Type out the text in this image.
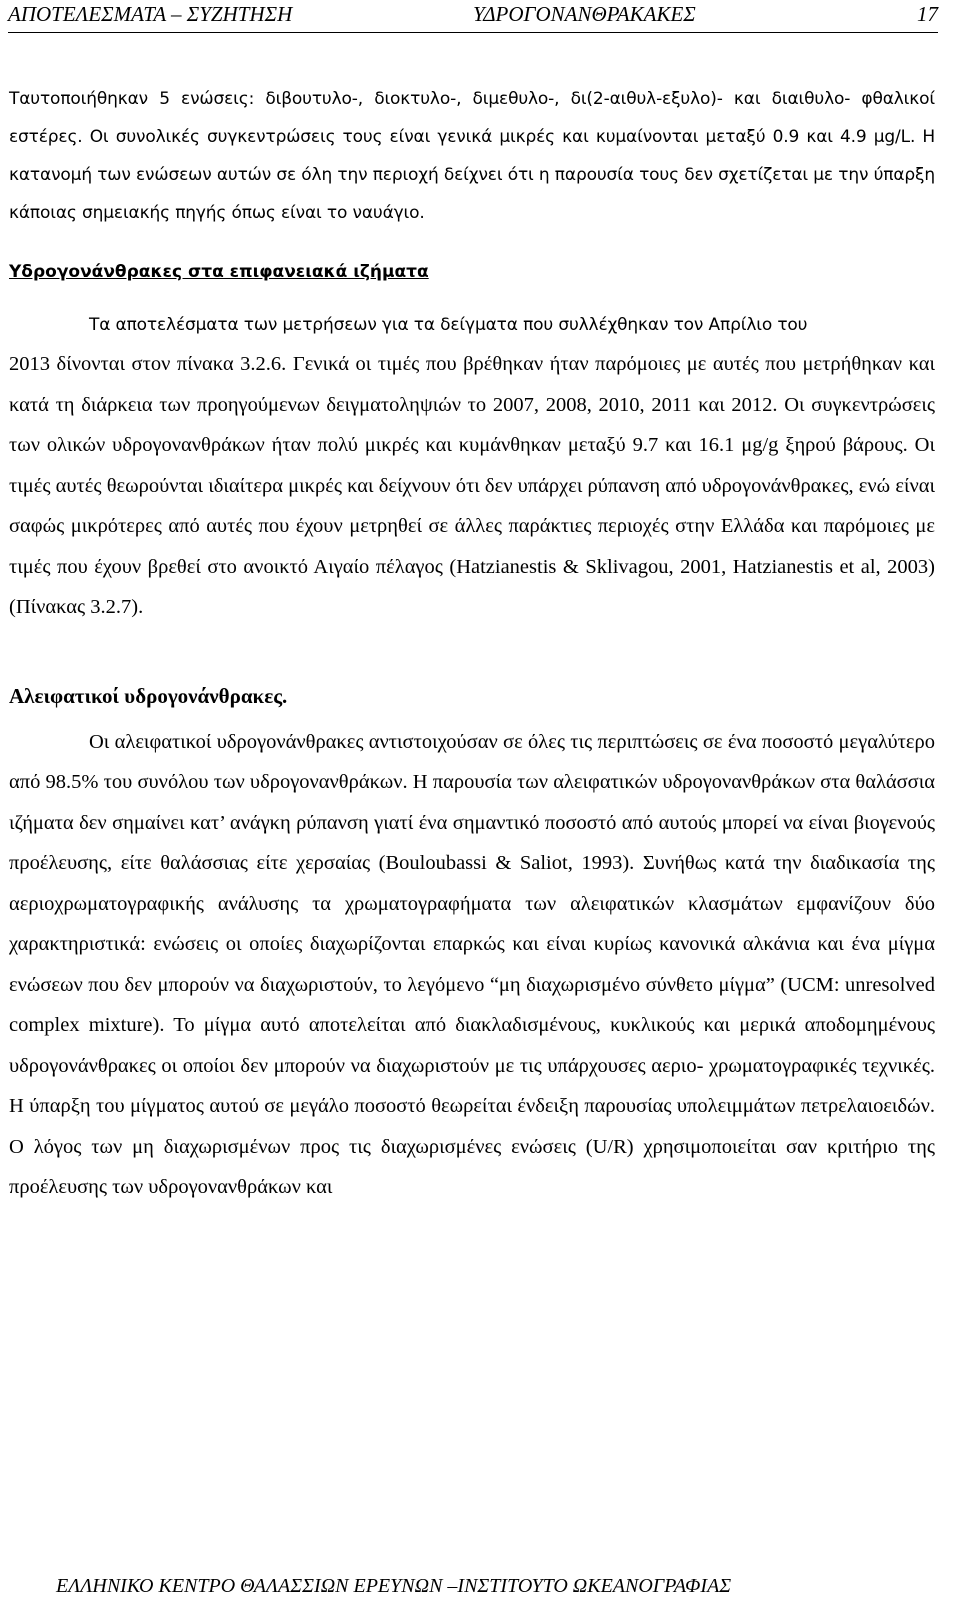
ΑΠΟΤΕΛΕΣΜΑΤΑ – ΣΥΖΗΤΗΣΗ	ΥΔΡΟΓΟΝΑΝΘΡΑΚΑΚΕΣ	17

Ταυτοποιήθηκαν 5 ενώσεις: διβουτυλο-, διοκτυλο-, διμεθυλο-, δι(2-αιθυλ-εξυλο)- και διαιθυλο- φθαλικοί εστέρες. Οι συνολικές συγκεντρώσεις τους είναι γενικά μικρές και κυμαίνονται μεταξύ 0.9 και 4.9 μg/L. Η κατανομή των ενώσεων αυτών σε όλη την περιοχή δείχνει ότι η παρουσία τους δεν σχετίζεται με την ύπαρξη κάποιας σημειακής πηγής όπως είναι το ναυάγιο.

Υδρογονάνθρακες στα επιφανειακά ιζήματα

Τα αποτελέσματα των μετρήσεων για τα δείγματα που συλλέχθηκαν τον Απρίλιο του

2013 δίνονται στον πίνακα 3.2.6. Γενικά οι τιμές που βρέθηκαν ήταν παρόμοιες με αυτές που μετρήθηκαν και κατά τη διάρκεια των προηγούμενων δειγματοληψιών το 2007, 2008, 2010, 2011 και 2012. Οι συγκεντρώσεις των ολικών υδρογονανθράκων ήταν πολύ μικρές και κυμάνθηκαν μεταξύ 9.7 και 16.1 μg/g ξηρού βάρους. Οι τιμές αυτές θεωρούνται ιδιαίτερα μικρές και δείχνουν ότι δεν υπάρχει ρύπανση από υδρογονάνθρακες, ενώ είναι σαφώς μικρότερες από αυτές που έχουν μετρηθεί σε άλλες παράκτιες περιοχές στην Ελλάδα και παρόμοιες με τιμές που έχουν βρεθεί στο ανοικτό Αιγαίο πέλαγος (Hatzianestis & Sklivagou, 2001, Hatzianestis et al, 2003) (Πίνακας 3.2.7).

Αλειφατικοί υδρογονάνθρακες.

Οι αλειφατικοί υδρογονάνθρακες αντιστοιχούσαν σε όλες τις περιπτώσεις σε ένα ποσοστό μεγαλύτερο από 98.5% του συνόλου των υδρογονανθράκων. Η παρουσία των αλειφατικών υδρογονανθράκων στα θαλάσσια ιζήματα δεν σημαίνει κατ’ ανάγκη ρύπανση γιατί ένα σημαντικό ποσοστό από αυτούς μπορεί να είναι βιογενούς προέλευσης, είτε θαλάσσιας είτε χερσαίας (Bouloubassi & Saliot, 1993). Συνήθως κατά την διαδικασία της αεριοχρωματογραφικής ανάλυσης τα χρωματογραφήματα των αλειφατικών κλασμάτων εμφανίζουν δύο χαρακτηριστικά: ενώσεις οι οποίες διαχωρίζονται επαρκώς και είναι κυρίως κανονικά αλκάνια και ένα μίγμα ενώσεων που δεν μπορούν να διαχωριστούν, το λεγόμενο “μη διαχωρισμένο σύνθετο μίγμα” (UCM: unresolved complex mixture). Το μίγμα αυτό αποτελείται από διακλαδισμένους, κυκλικούς και μερικά αποδομημένους υδρογονάνθρακες οι οποίοι δεν μπορούν να διαχωριστούν με τις υπάρχουσες αεριο- χρωματογραφικές τεχνικές. Η ύπαρξη του μίγματος αυτού σε μεγάλο ποσοστό θεωρείται ένδειξη παρουσίας υπολειμμάτων πετρελαιοειδών. Ο λόγος των μη διαχωρισμένων προς τις διαχωρισμένες ενώσεις (U/R) χρησιμοποιείται σαν κριτήριο της προέλευσης των υδρογονανθράκων και

ΕΛΛΗΝΙΚΟ ΚΕΝΤΡΟ ΘΑΛΑΣΣΙΩΝ ΕΡΕΥΝΩΝ –ΙΝΣΤΙΤΟΥΤΟ ΩΚΕΑΝΟΓΡΑΦΙΑΣ
